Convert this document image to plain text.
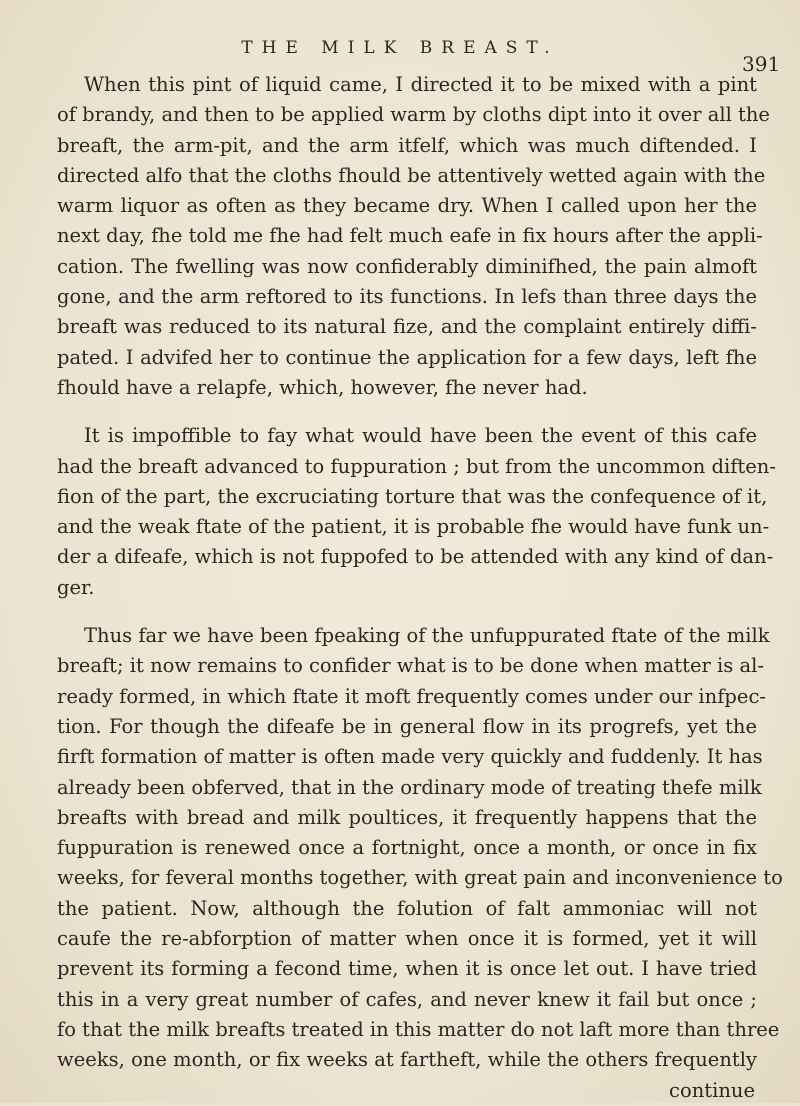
THE MILK BREAST.
391

When this pint of liquid came, I directed it to be mixed with a pint
of brandy, and then to be applied warm by cloths dipt into it over all the
breaft, the arm-pit, and the arm itfelf, which was much diftended. I
directed alfo that the cloths fhould be attentively wetted again with the
warm liquor as often as they became dry. When I called upon her the
next day, fhe told me fhe had felt much eafe in fix hours after the appli-
cation. The fwelling was now confiderably diminifhed, the pain almoft
gone, and the arm reftored to its functions. In lefs than three days the
breaft was reduced to its natural fize, and the complaint entirely diffi-
pated. I advifed her to continue the application for a few days, left fhe
fhould have a relapfe, which, however, fhe never had.

It is impoffible to fay what would have been the event of this cafe
had the breaft advanced to fuppuration ; but from the uncommon diften-
fion of the part, the excruciating torture that was the confequence of it,
and the weak ftate of the patient, it is probable fhe would have funk un-
der a difeafe, which is not fuppofed to be attended with any kind of dan-
ger.

Thus far we have been fpeaking of the unfuppurated ftate of the milk
breaft; it now remains to confider what is to be done when matter is al-
ready formed, in which ftate it moft frequently comes under our infpec-
tion. For though the difeafe be in general flow in its progrefs, yet the
firft formation of matter is often made very quickly and fuddenly. It has
already been obferved, that in the ordinary mode of treating thefe milk
breafts with bread and milk poultices, it frequently happens that the
fuppuration is renewed once a fortnight, once a month, or once in fix
weeks, for feveral months together, with great pain and inconvenience to
the patient. Now, although the folution of falt ammoniac will not
caufe the re-abforption of matter when once it is formed, yet it will
prevent its forming a fecond time, when it is once let out. I have tried
this in a very great number of cafes, and never knew it fail but once ;
fo that the milk breafts treated in this matter do not laft more than three
weeks, one month, or fix weeks at fartheft, while the others frequently

continue
